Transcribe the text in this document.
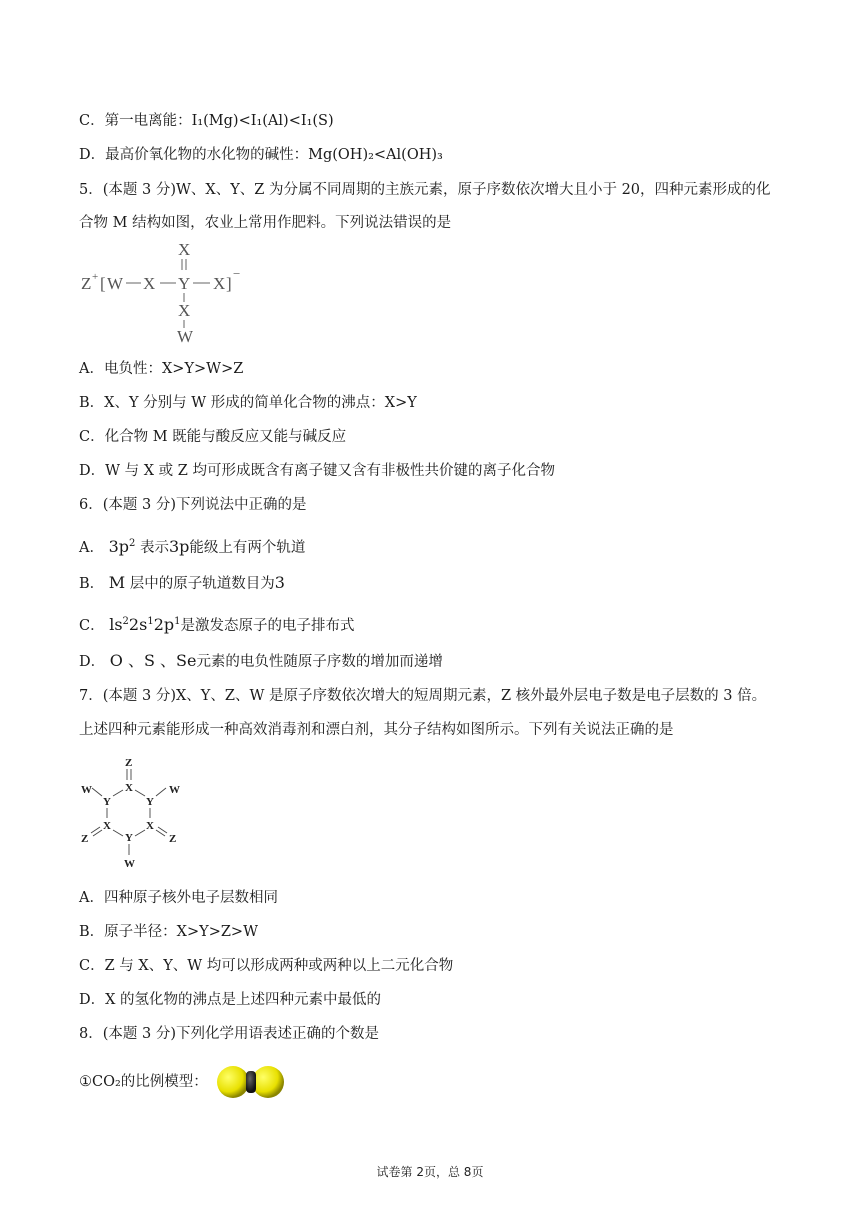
C．第一电离能：I₁(Mg)<I₁(Al)<I₁(S)
D．最高价氧化物的水化物的碱性：Mg(OH)₂<Al(OH)₃
5．(本题 3 分)W、X、Y、Z 为分属不同周期的主族元素，原子序数依次增大且小于 20，四种元素形成的化
合物 M 结构如图，农业上常用作肥料。下列说法错误的是
Z + [ W X Y X ]
−
X
X
W
A．电负性：X>Y>W>Z
B．X、Y 分别与 W 形成的简单化合物的沸点：X>Y
C．化合物 M 既能与酸反应又能与碱反应
D．W 与 X 或 Z 均可形成既含有离子键又含有非极性共价键的离子化合物
6．(本题 3 分)下列说法中正确的是
A． $3p^2$ 表示3p能级上有两个轨道
B． M 层中的原子轨道数目为3
C． $ls^22s^12p^1$是激发态原子的电子排布式
D． O 、S 、Se元素的电负性随原子序数的增加而递增
7．(本题 3 分)X、Y、Z、W 是原子序数依次增大的短周期元素，Z 核外最外层电子数是电子层数的 3 倍。
上述四种元素能形成一种高效消毒剂和漂白剂，其分子结构如图所示。下列有关说法正确的是
Z
X
W	W
Y	Y
X	X
Y
Z	Z
W
A．四种原子核外电子层数相同
B．原子半径：X>Y>Z>W
C．Z 与 X、Y、W 均可以形成两种或两种以上二元化合物
D．X 的氢化物的沸点是上述四种元素中最低的
8．(本题 3 分)下列化学用语表述正确的个数是
①CO₂的比例模型：
试卷第 2页，总 8页
